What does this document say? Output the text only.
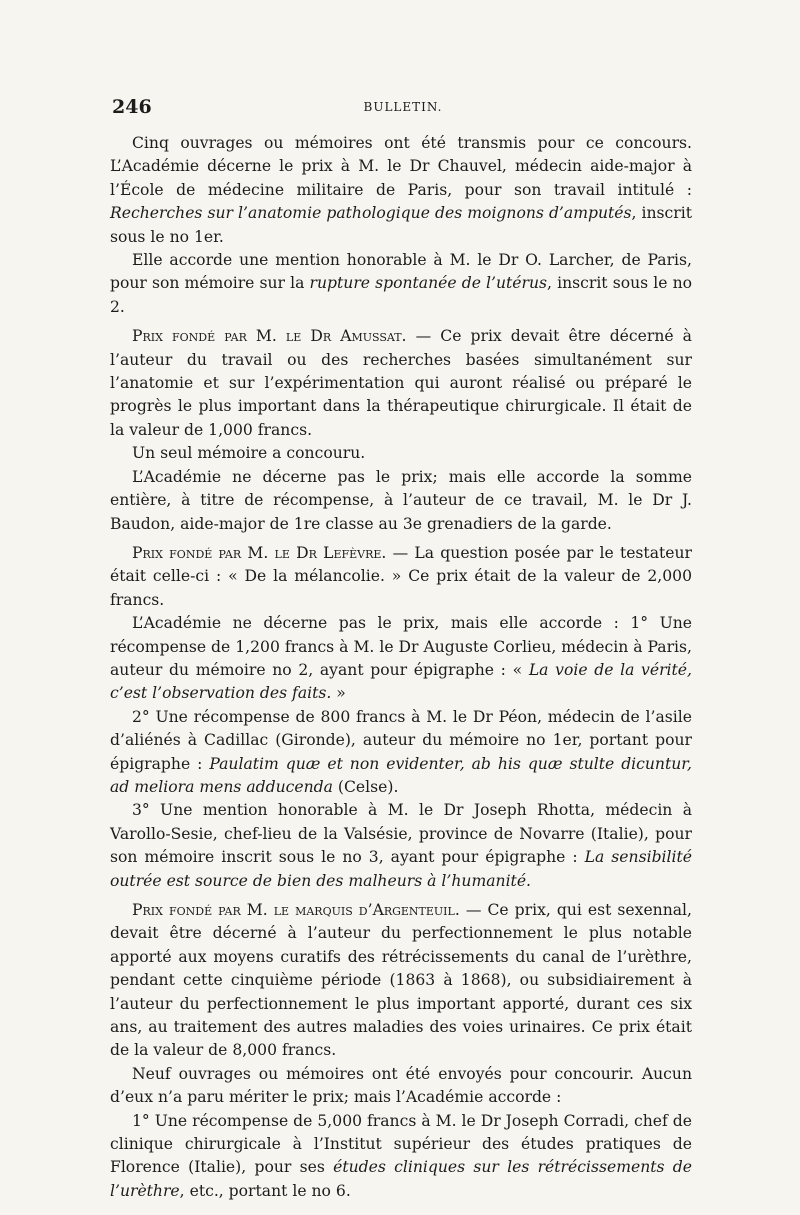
246	BULLETIN.

Cinq ouvrages ou mémoires ont été transmis pour ce concours. L’Académie décerne le prix à M. le Dr Chauvel, médecin aide-major à l’École de médecine militaire de Paris, pour son travail intitulé : Recherches sur l’anatomie pathologique des moignons d’amputés, inscrit sous le no 1er.

Elle accorde une mention honorable à M. le Dr O. Larcher, de Paris, pour son mémoire sur la rupture spontanée de l’utérus, inscrit sous le no 2.

Prix fondé par M. le Dr Amussat. — Ce prix devait être décerné à l’auteur du travail ou des recherches basées simultanément sur l’anatomie et sur l’expérimentation qui auront réalisé ou préparé le progrès le plus important dans la thérapeutique chirurgicale. Il était de la valeur de 1,000 francs.

Un seul mémoire a concouru.

L’Académie ne décerne pas le prix; mais elle accorde la somme entière, à titre de récompense, à l’auteur de ce travail, M. le Dr J. Baudon, aide-major de 1re classe au 3e grenadiers de la garde.

Prix fondé par M. le Dr Lefèvre. — La question posée par le testateur était celle-ci : « De la mélancolie. » Ce prix était de la valeur de 2,000 francs.

L’Académie ne décerne pas le prix, mais elle accorde : 1° Une récompense de 1,200 francs à M. le Dr Auguste Corlieu, médecin à Paris, auteur du mémoire no 2, ayant pour épigraphe : « La voie de la vérité, c’est l’observation des faits. »

2° Une récompense de 800 francs à M. le Dr Péon, médecin de l’asile d’aliénés à Cadillac (Gironde), auteur du mémoire no 1er, portant pour épigraphe : Paulatim quæ et non evidenter, ab his quæ stulte dicuntur, ad meliora mens adducenda (Celse).

3° Une mention honorable à M. le Dr Joseph Rhotta, médecin à Varollo-Sesie, chef-lieu de la Valsésie, province de Novarre (Italie), pour son mémoire inscrit sous le no 3, ayant pour épigraphe : La sensibilité outrée est source de bien des malheurs à l’humanité.

Prix fondé par M. le marquis d’Argenteuil. — Ce prix, qui est sexennal, devait être décerné à l’auteur du perfectionnement le plus notable apporté aux moyens curatifs des rétrécissements du canal de l’urèthre, pendant cette cinquième période (1863 à 1868), ou subsidiairement à l’auteur du perfectionnement le plus important apporté, durant ces six ans, au traitement des autres maladies des voies urinaires. Ce prix était de la valeur de 8,000 francs.

Neuf ouvrages ou mémoires ont été envoyés pour concourir. Aucun d’eux n’a paru mériter le prix; mais l’Académie accorde :

1° Une récompense de 5,000 francs à M. le Dr Joseph Corradi, chef de clinique chirurgicale à l’Institut supérieur des études pratiques de Florence (Italie), pour ses études cliniques sur les rétrécissements de l’urèthre, etc., portant le no 6.
